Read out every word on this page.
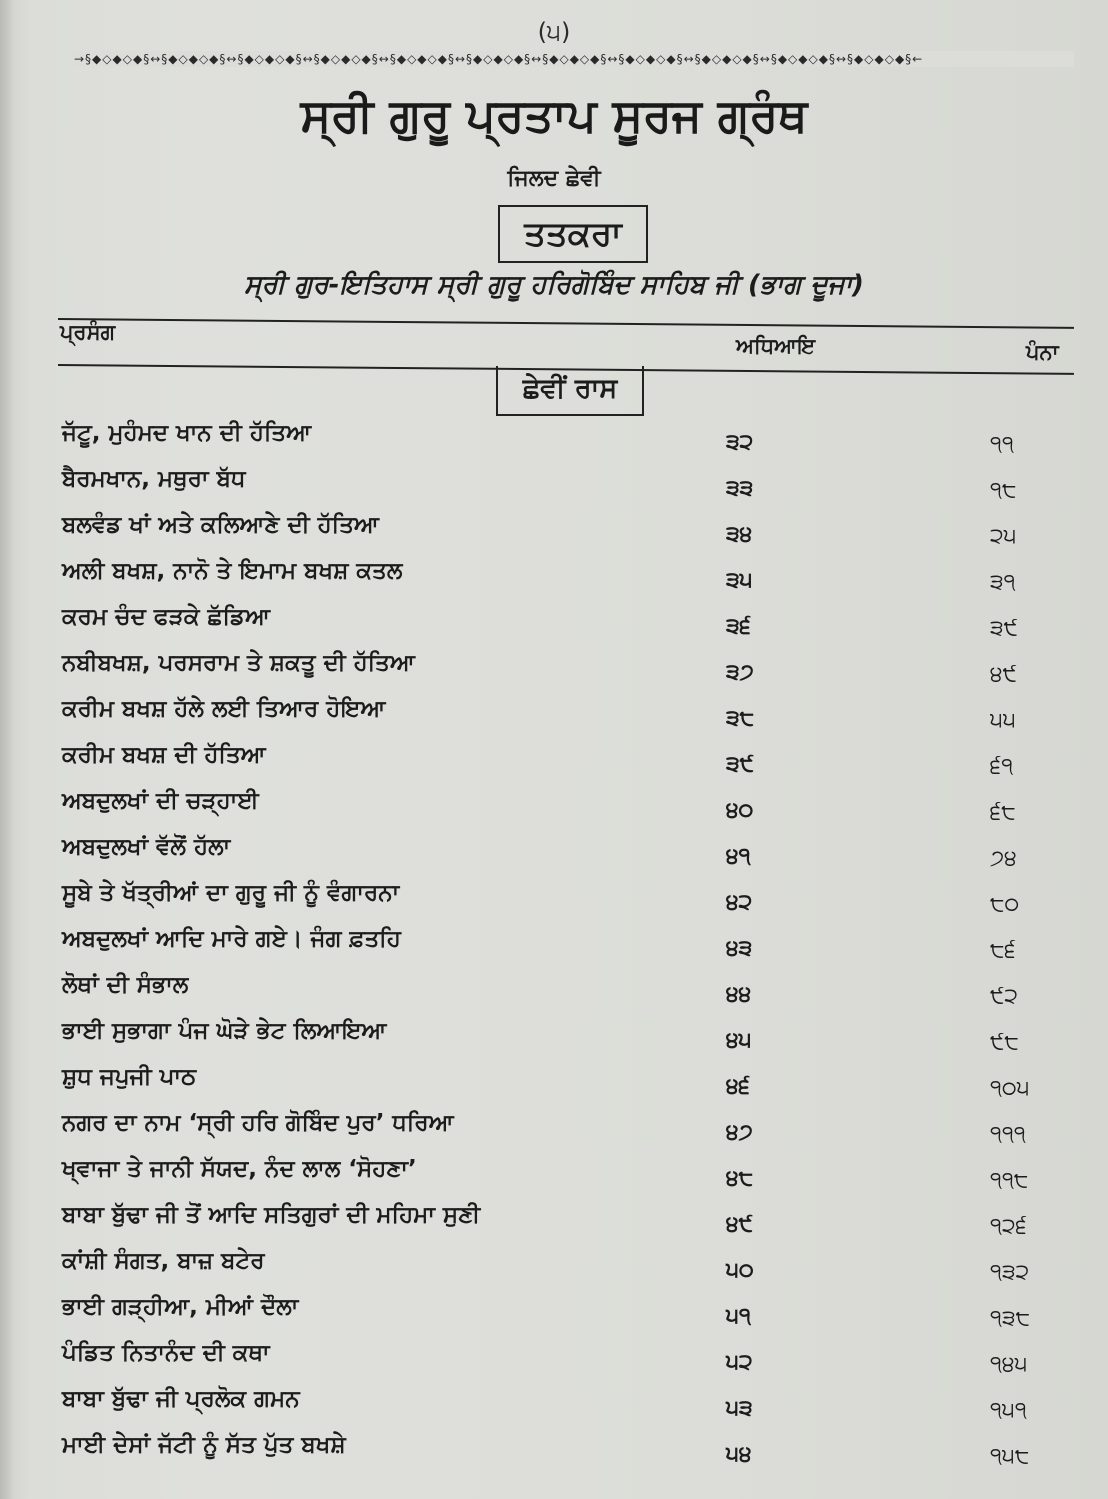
(੫)
→§◆◇◆◇◆§↔§◆◇◆◇◆§↔§◆◇◆◇◆§↔§◆◇◆◇◆§↔§◆◇◆◇◆§↔§◆◇◆◇◆§↔§◆◇◆◇◆§↔§◆◇◆◇◆§↔§◆◇◆◇◆§↔§◆◇◆◇◆§↔§◆◇◆◇◆§←
ਸ੍ਰੀ ਗੁਰੂ ਪ੍ਰਤਾਪ ਸੂਰਜ ਗ੍ਰੰਥ
ਜਿਲਦ ਛੇਵੀ
ਤਤਕਰਾ
ਸ੍ਰੀ ਗੁਰ-ਇਤਿਹਾਸ ਸ੍ਰੀ ਗੁਰੂ ਹਰਿਗੋਬਿੰਦ ਸਾਹਿਬ ਜੀ (ਭਾਗ ਦੂਜਾ)
ਪ੍ਰਸੰਗ
ਅਧਿਆਇ	ਪੰਨਾ
ਛੇਵੀਂ ਰਾਸ
ਜੱਟੂ, ਮੁਹੰਮਦ ਖਾਨ ਦੀ ਹੱਤਿਆ	੩੨	੧੧
ਬੈਰਮਖਾਨ, ਮਥੁਰਾ ਬੱਧ	੩੩	੧੮
ਬਲਵੰਡ ਖਾਂ ਅਤੇ ਕਲਿਆਣੇ ਦੀ ਹੱਤਿਆ	੩੪	੨੫
ਅਲੀ ਬਖਸ਼, ਨਾਨੋ ਤੇ ਇਮਾਮ ਬਖਸ਼ ਕਤਲ	੩੫	੩੧
ਕਰਮ ਚੰਦ ਫੜਕੇ ਛੱਡਿਆ	੩੬	੩੯
ਨਬੀਬਖਸ਼, ਪਰਸਰਾਮ ਤੇ ਸ਼ਕਤੂ ਦੀ ਹੱਤਿਆ	੩੭	੪੯
ਕਰੀਮ ਬਖਸ਼ ਹੱਲੇ ਲਈ ਤਿਆਰ ਹੋਇਆ	੩੮	੫੫
ਕਰੀਮ ਬਖਸ਼ ਦੀ ਹੱਤਿਆ	੩੯	੬੧
ਅਬਦੁਲਖਾਂ ਦੀ ਚੜ੍ਹਾਈ	੪੦	੬੮
ਅਬਦੁਲਖਾਂ ਵੱਲੋਂ ਹੱਲਾ	੪੧	੭੪
ਸੂਬੇ ਤੇ ਖੱਤ੍ਰੀਆਂ ਦਾ ਗੁਰੂ ਜੀ ਨੂੰ ਵੰਗਾਰਨਾ	੪੨	੮੦
ਅਬਦੁਲਖਾਂ ਆਦਿ ਮਾਰੇ ਗਏ। ਜੰਗ ਫ਼ਤਹਿ	੪੩	੮੬
ਲੋਥਾਂ ਦੀ ਸੰਭਾਲ	੪੪	੯੨
ਭਾਈ ਸੁਭਾਗਾ ਪੰਜ ਘੋੜੇ ਭੇਟ ਲਿਆਇਆ	੪੫	੯੮
ਸ਼ੁਧ ਜਪੁਜੀ ਪਾਠ	੪੬	੧੦੫
ਨਗਰ ਦਾ ਨਾਮ ‘ਸ੍ਰੀ ਹਰਿ ਗੋਬਿੰਦ ਪੁਰ’ ਧਰਿਆ	੪੭	੧੧੧
ਖ੍ਵਾਜਾ ਤੇ ਜਾਨੀ ਸੱਯਦ, ਨੰਦ ਲਾਲ ‘ਸੋਹਣਾ’	੪੮	੧੧੮
ਬਾਬਾ ਬੁੱਢਾ ਜੀ ਤੋਂ ਆਦਿ ਸਤਿਗੁਰਾਂ ਦੀ ਮਹਿਮਾ ਸੁਣੀ	੪੯	੧੨੬
ਕਾਂਸ਼ੀ ਸੰਗਤ, ਬਾਜ਼ ਬਟੇਰ	੫੦	੧੩੨
ਭਾਈ ਗੜ੍ਹੀਆ, ਮੀਆਂ ਦੌਲਾ	੫੧	੧੩੮
ਪੰਡਿਤ ਨਿਤਾਨੰਦ ਦੀ ਕਥਾ	੫੨	੧੪੫
ਬਾਬਾ ਬੁੱਢਾ ਜੀ ਪ੍ਰਲੋਕ ਗਮਨ	੫੩	੧੫੧
ਮਾਈ ਦੇਸਾਂ ਜੱਟੀ ਨੂੰ ਸੱਤ ਪੁੱਤ ਬਖਸ਼ੇ	੫੪	੧੫੮
